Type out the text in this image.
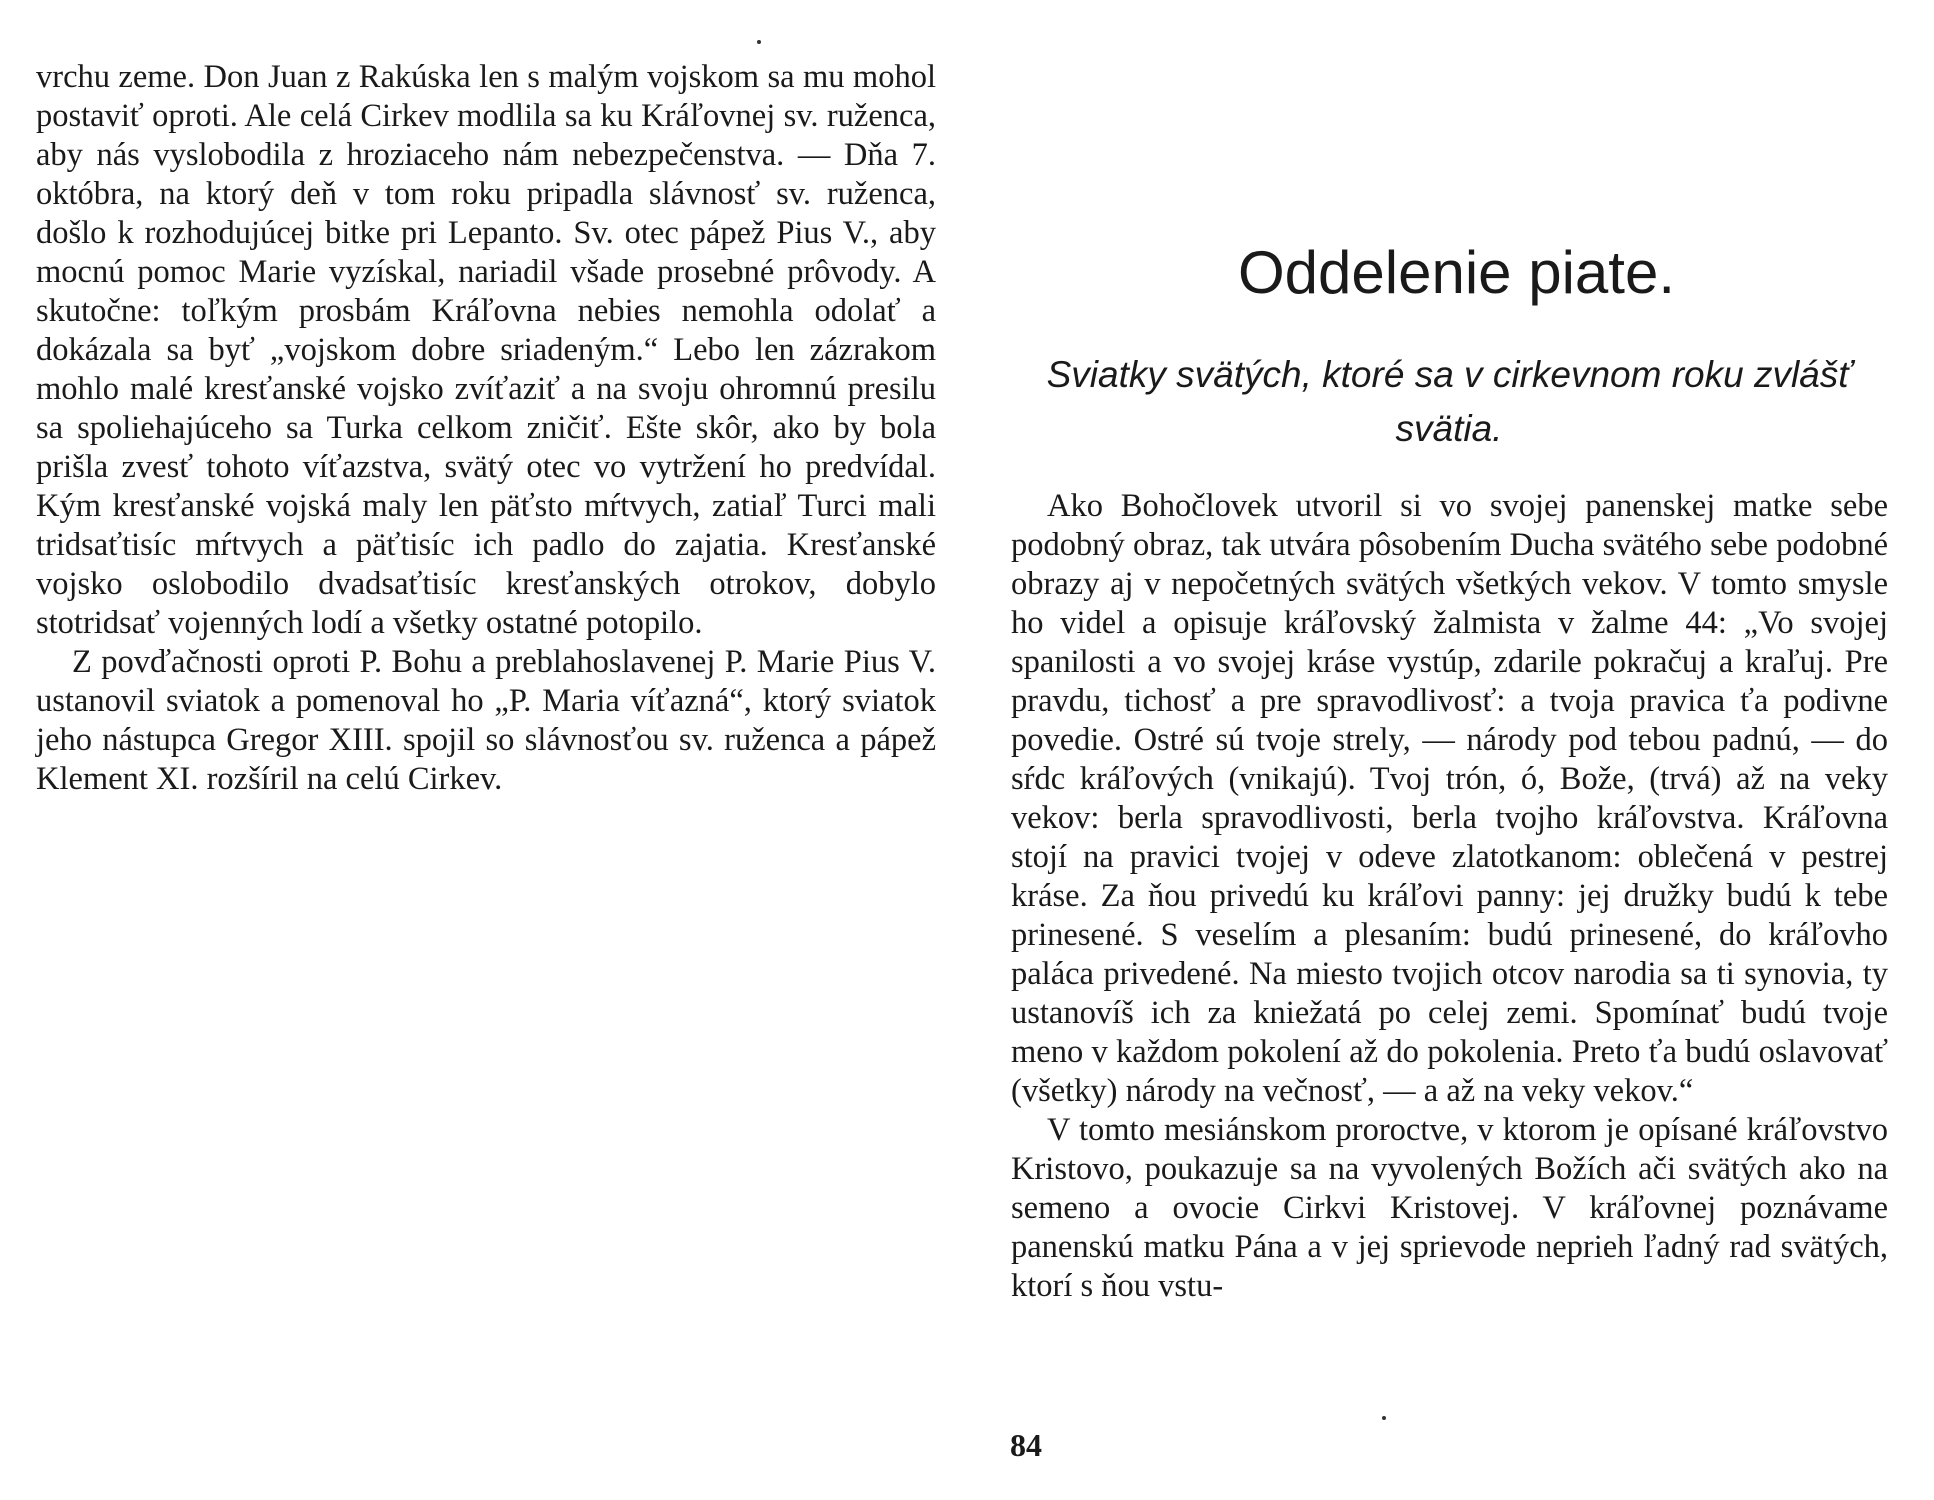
vrchu zeme. Don Juan z Rakúska len s malým vojskom sa mu mohol postaviť oproti. Ale celá Cirkev modlila sa ku Kráľovnej sv. ruženca, aby nás vyslobodila z hroziaceho nám nebezpečenstva. — Dňa 7. októbra, na ktorý deň v tom roku pripadla slávnosť sv. ruženca, došlo k rozhodujúcej bitke pri Lepanto. Sv. otec pápež Pius V., aby mocnú pomoc Marie vyzískal, nariadil všade prosebné prôvody. A skutočne: toľkým prosbám Kráľovna nebies nemohla odolať a dokázala sa byť „vojskom dobre sriadeným.“ Lebo len zázrakom mohlo malé kresťanské vojsko zvíťaziť a na svoju ohromnú presilu sa spoliehajúceho sa Turka celkom zničiť. Ešte skôr, ako by bola prišla zvesť tohoto víťazstva, svätý otec vo vytržení ho predvídal. Kým kresťanské vojská maly len päťsto mŕtvych, zatiaľ Turci mali tridsaťtisíc mŕtvych a päťtisíc ich padlo do zajatia. Kresťanské vojsko oslobodilo dvadsaťtisíc kresťanských otrokov, dobylo stotridsať vojenných lodí a všetky ostatné potopilo.

Z povďačnosti oproti P. Bohu a preblahoslavenej P. Marie Pius V. ustanovil sviatok a pomenoval ho „P. Maria víťazná“, ktorý sviatok jeho nástupca Gregor XIII. spojil so slávnosťou sv. ruženca a pápež Klement XI. rozšíril na celú Cirkev.

Oddelenie piate.
Sviatky svätých, ktoré sa v cirkevnom roku zvlášť svätia.

Ako Bohočlovek utvoril si vo svojej panenskej matke sebe podobný obraz, tak utvára pôsobením Ducha svätého sebe podobné obrazy aj v nepočetných svätých všetkých vekov. V tomto smysle ho videl a opisuje kráľovský žalmista v žalme 44: „Vo svojej spanilosti a vo svojej kráse vystúp, zdarile pokračuj a kraľuj. Pre pravdu, tichosť a pre spravodlivosť: a tvoja pravica ťa podivne povedie. Ostré sú tvoje strely, — národy pod tebou padnú, — do sŕdc kráľových (vnikajú). Tvoj trón, ó, Bože, (trvá) až na veky vekov: berla spravodlivosti, berla tvojho kráľovstva. Kráľovna stojí na pravici tvojej v odeve zlatotkanom: oblečená v pestrej kráse. Za ňou privedú ku kráľovi panny: jej družky budú k tebe prinesené. S veselím a plesaním: budú prinesené, do kráľovho paláca privedené. Na miesto tvojich otcov narodia sa ti synovia, ty ustanovíš ich za kniežatá po celej zemi. Spomínať budú tvoje meno v každom pokolení až do pokolenia. Preto ťa budú oslavovať (všetky) národy na večnosť, — a až na veky vekov.“

V tomto mesiánskom proroctve, v ktorom je opísané kráľovstvo Kristovo, poukazuje sa na vyvolených Božích ači svätých ako na semeno a ovocie Cirkvi Kristovej. V kráľovnej poznávame panenskú matku Pána a v jej sprievode neprieh ľadný rad svätých, ktorí s ňou vstu-

84
